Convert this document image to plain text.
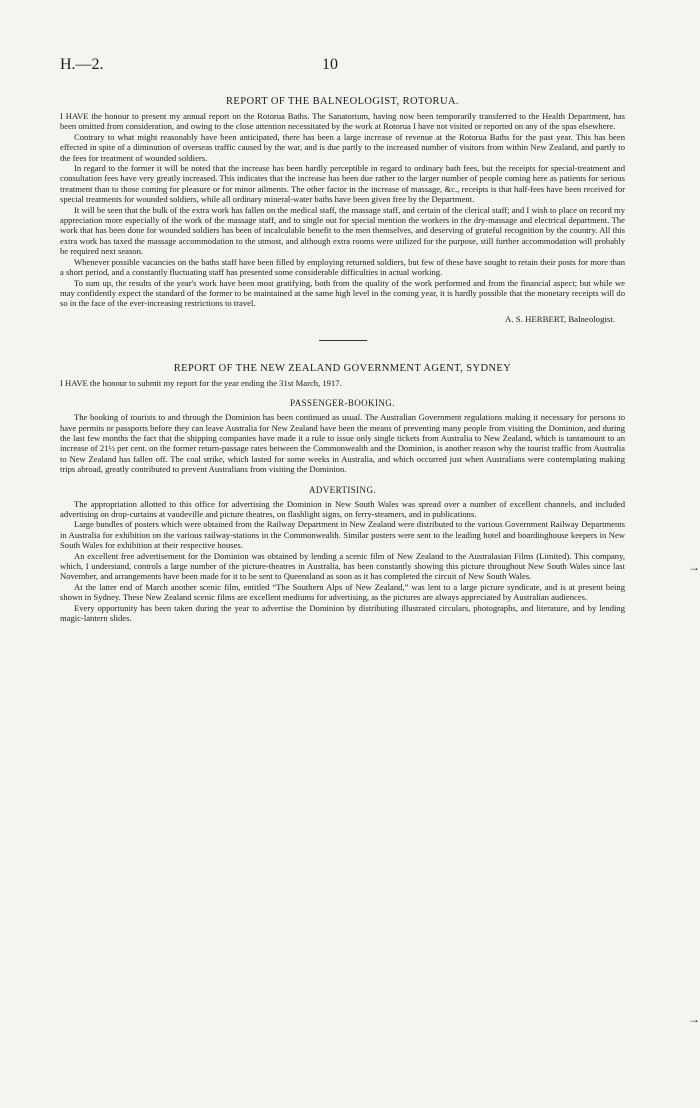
H.—2.	10
REPORT OF THE BALNEOLOGIST, ROTORUA.

I HAVE the honour to present my annual report on the Rotorua Baths. The Sanatorium, having now been temporarily transferred to the Health Department, has been omitted from consideration, and owing to the close attention necessitated by the work at Rotorua I have not visited or reported on any of the spas elsewhere.

Contrary to what might reasonably have been anticipated, there has been a large increase of revenue at the Rotorua Baths for the past year. This has been effected in spite of a diminution of overseas traffic caused by the war, and is due partly to the increased number of visitors from within New Zealand, and partly to the fees for treatment of wounded soldiers.

In regard to the former it will be noted that the increase has been hardly perceptible in regard to ordinary bath fees, but the receipts for special-treatment and consultation fees have very greatly increased. This indicates that the increase has been due rather to the larger number of people coming here as patients for serious treatment than to those coming for pleasure or for minor ailments. The other factor in the increase of massage, &c., receipts is that half-fees have been received for special treatments for wounded soldiers, while all ordinary mineral-water baths have been given free by the Department.

It will be seen that the bulk of the extra work has fallen on the medical staff, the massage staff, and certain of the clerical staff; and I wish to place on record my appreciation more especially of the work of the massage staff, and to single out for special mention the workers in the dry-massage and electrical department. The work that has been done for wounded soldiers has been of incalculable benefit to the men themselves, and deserving of grateful recognition by the country. All this extra work has taxed the massage accommodation to the utmost, and although extra rooms were utilized for the purpose, still further accommodation will probably be required next season.

Whenever possible vacancies on the baths staff have been filled by employing returned soldiers, but few of these have sought to retain their posts for more than a short period, and a constantly fluctuating staff has presented some considerable difficulties in actual working.

To sum up, the results of the year's work have been most gratifying, both from the quality of the work performed and from the financial aspect; but while we may confidently expect the standard of the former to be maintained at the same high level in the coming year, it is hardly possible that the monetary receipts will do so in the face of the ever-increasing restrictions to travel.

A. S. HERBERT, Balneologist.
REPORT OF THE NEW ZEALAND GOVERNMENT AGENT, SYDNEY

I HAVE the honour to submit my report for the year ending the 31st March, 1917.

PASSENGER-BOOKING.

The booking of tourists to and through the Dominion has been continued as usual. The Australian Government regulations making it necessary for persons to have permits or passports before they can leave Australia for New Zealand have been the means of preventing many people from visiting the Dominion, and during the last few months the fact that the shipping companies have made it a rule to issue only single tickets from Australia to New Zealand, which is tantamount to an increase of 21½ per cent. on the former return-passage rates between the Commonwealth and the Dominion, is another reason why the tourist traffic from Australia to New Zealand has fallen off. The coal strike, which lasted for some weeks in Australia, and which occurred just when Australians were contemplating making trips abroad, greatly contributed to prevent Australians from visiting the Dominion.

ADVERTISING.

The appropriation allotted to this office for advertising the Dominion in New South Wales was spread over a number of excellent channels, and included advertising on drop-curtains at vaudeville and picture theatres, on flashlight signs, on ferry-steamers, and in publications.

Large bundles of posters which were obtained from the Railway Department in New Zealand were distributed to the various Government Railway Departments in Australia for exhibition on the various railway-stations in the Commonwealth. Similar posters were sent to the leading hotel and boardinghouse keepers in New South Wales for exhibition at their respective houses.

An excellent free advertisement for the Dominion was obtained by lending a scenic film of New Zealand to the Australasian Films (Limited). This company, which, I understand, controls a large number of the picture-theatres in Australia, has been constantly showing this picture throughout New South Wales since last November, and arrangements have been made for it to be sent to Queensland as soon as it has completed the circuit of New South Wales.

At the latter end of March another scenic film, entitled “The Southern Alps of New Zealand,” was lent to a large picture syndicate, and is at present being shown in Sydney. These New Zealand scenic films are excellent mediums for advertising, as the pictures are always appreciated by Australian audiences.

Every opportunity has been taken during the year to advertise the Dominion by distributing illustrated circulars, photographs, and literature, and by lending magic-lantern slides.

→
→
